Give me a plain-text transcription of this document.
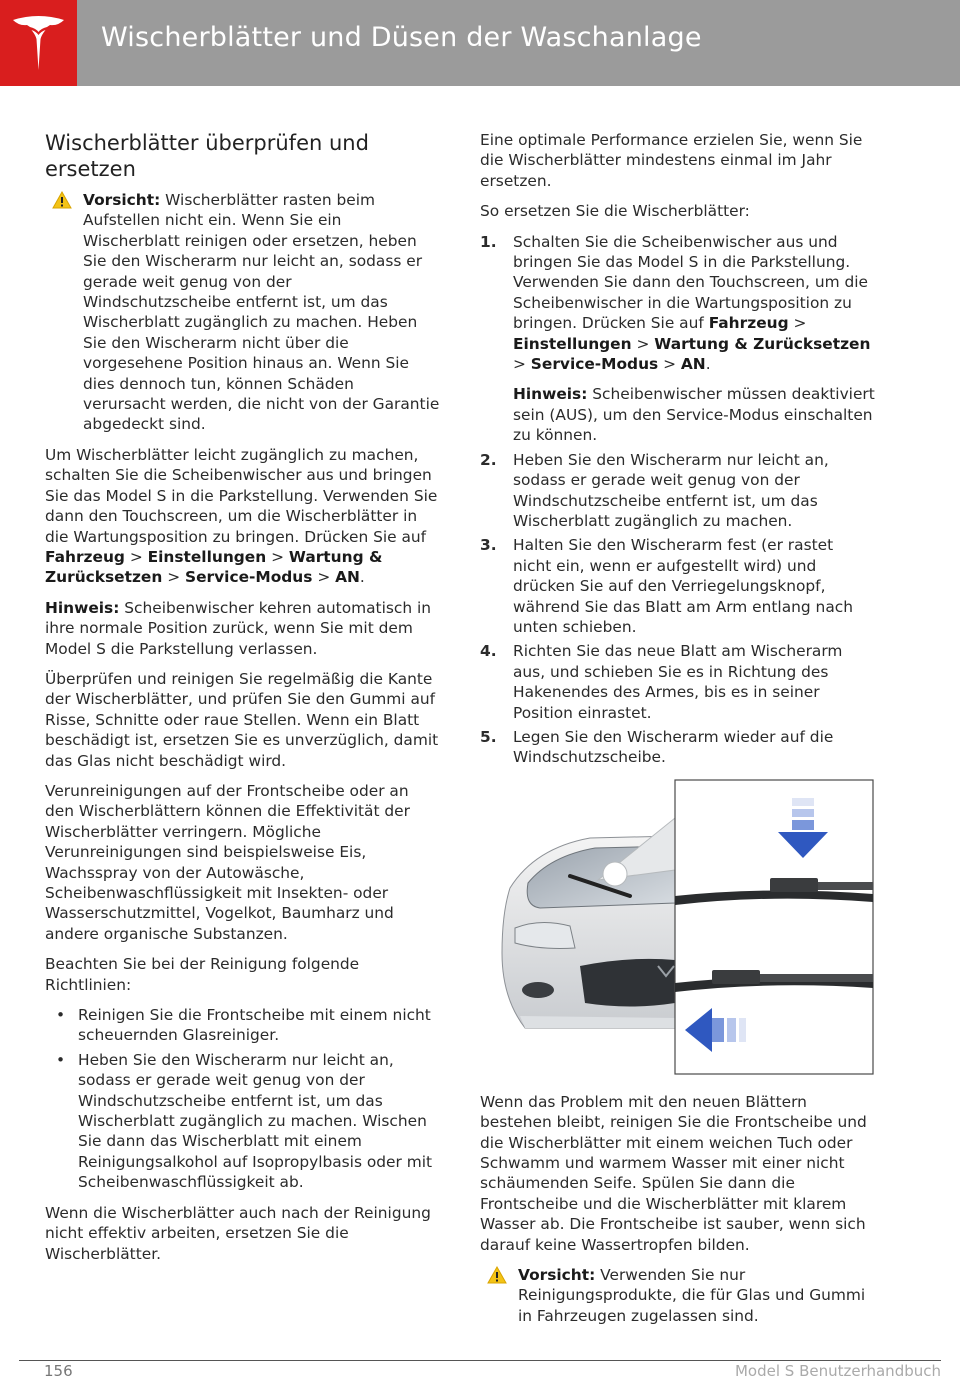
Wischerblätter und Düsen der Waschanlage
Wischerblätter überprüfen und ersetzen
Vorsicht: Wischerblätter rasten beim Aufstellen nicht ein. Wenn Sie ein Wischerblatt reinigen oder ersetzen, heben Sie den Wischerarm nur leicht an, sodass er gerade weit genug von der Windschutzscheibe entfernt ist, um das Wischerblatt zugänglich zu machen. Heben Sie den Wischerarm nicht über die vorgesehene Position hinaus an. Wenn Sie dies dennoch tun, können Schäden verursacht werden, die nicht von der Garantie abgedeckt sind.

Um Wischerblätter leicht zugänglich zu machen, schalten Sie die Scheibenwischer aus und bringen Sie das Model S in die Parkstellung. Verwenden Sie dann den Touchscreen, um die Wischerblätter in die Wartungsposition zu bringen. Drücken Sie auf Fahrzeug > Einstellungen > Wartung & Zurücksetzen > Service-Modus > AN.

Hinweis: Scheibenwischer kehren automatisch in ihre normale Position zurück, wenn Sie mit dem Model S die Parkstellung verlassen.

Überprüfen und reinigen Sie regelmäßig die Kante der Wischerblätter, und prüfen Sie den Gummi auf Risse, Schnitte oder raue Stellen. Wenn ein Blatt beschädigt ist, ersetzen Sie es unverzüglich, damit das Glas nicht beschädigt wird.

Verunreinigungen auf der Frontscheibe oder an den Wischerblättern können die Effektivität der Wischerblätter verringern. Mögliche Verunreinigungen sind beispielsweise Eis, Wachsspray von der Autowäsche, Scheibenwaschflüssigkeit mit Insekten- oder Wasserschutzmittel, Vogelkot, Baumharz und andere organische Substanzen.

Beachten Sie bei der Reinigung folgende Richtlinien:

• Reinigen Sie die Frontscheibe mit einem nicht scheuernden Glasreiniger.
• Heben Sie den Wischerarm nur leicht an, sodass er gerade weit genug von der Windschutzscheibe entfernt ist, um das Wischerblatt zugänglich zu machen. Wischen Sie dann das Wischerblatt mit einem Reinigungsalkohol auf Isopropylbasis oder mit Scheibenwaschflüssigkeit ab.

Wenn die Wischerblätter auch nach der Reinigung nicht effektiv arbeiten, ersetzen Sie die Wischerblätter.

Eine optimale Performance erzielen Sie, wenn Sie die Wischerblätter mindestens einmal im Jahr ersetzen.

So ersetzen Sie die Wischerblätter:

1. Schalten Sie die Scheibenwischer aus und bringen Sie das Model S in die Parkstellung. Verwenden Sie dann den Touchscreen, um die Scheibenwischer in die Wartungsposition zu bringen. Drücken Sie auf Fahrzeug > Einstellungen > Wartung & Zurücksetzen > Service-Modus > AN.
Hinweis: Scheibenwischer müssen deaktiviert sein (AUS), um den Service-Modus einschalten zu können.
2. Heben Sie den Wischerarm nur leicht an, sodass er gerade weit genug von der Windschutzscheibe entfernt ist, um das Wischerblatt zugänglich zu machen.
3. Halten Sie den Wischerarm fest (er rastet nicht ein, wenn er aufgestellt wird) und drücken Sie auf den Verriegelungsknopf, während Sie das Blatt am Arm entlang nach unten schieben.
4. Richten Sie das neue Blatt am Wischerarm aus, und schieben Sie es in Richtung des Hakenendes des Armes, bis es in seiner Position einrastet.
5. Legen Sie den Wischerarm wieder auf die Windschutzscheibe.

Wenn das Problem mit den neuen Blättern bestehen bleibt, reinigen Sie die Frontscheibe und die Wischerblätter mit einem weichen Tuch oder Schwamm und warmem Wasser mit einer nicht schäumenden Seife. Spülen Sie dann die Frontscheibe und die Wischerblätter mit klarem Wasser ab. Die Frontscheibe ist sauber, wenn sich darauf keine Wassertropfen bilden.

Vorsicht: Verwenden Sie nur Reinigungsprodukte, die für Glas und Gummi in Fahrzeugen zugelassen sind.
156	Model S Benutzerhandbuch
